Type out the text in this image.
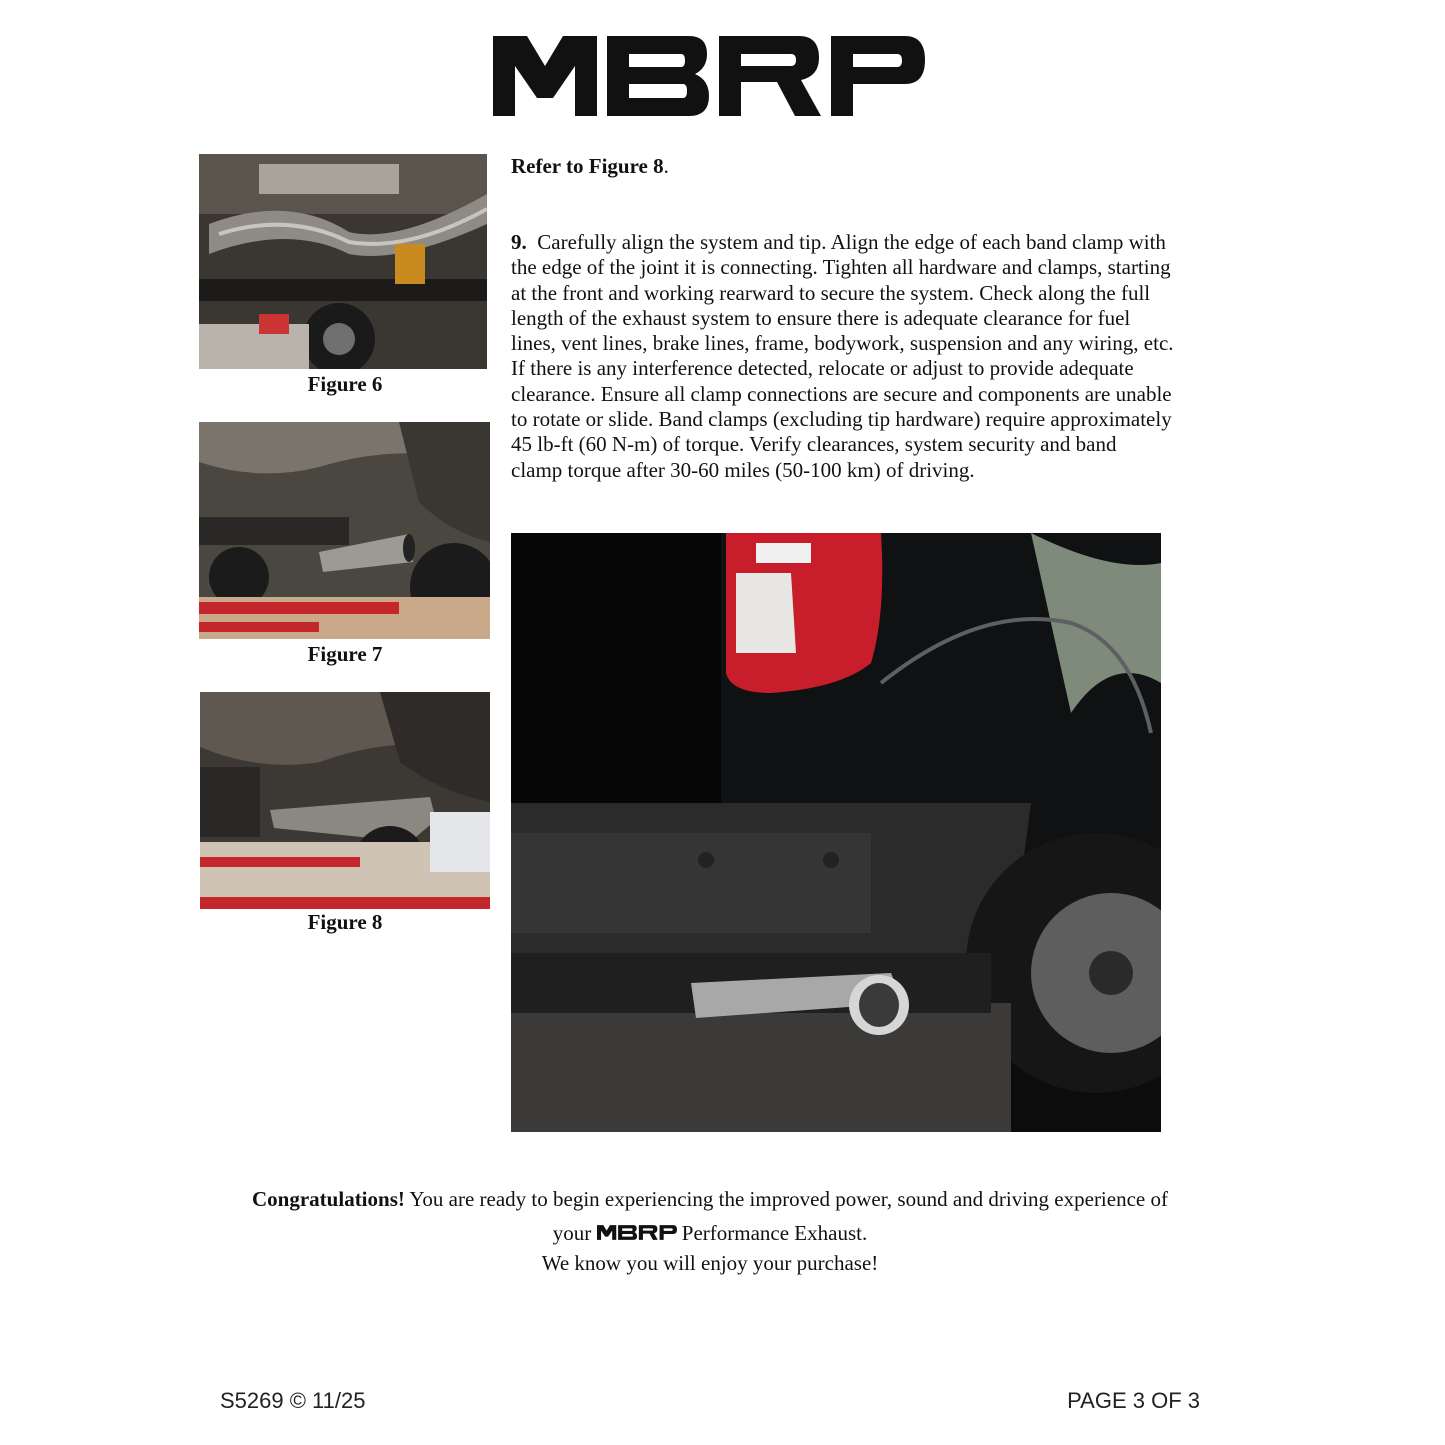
Figure 6
Figure 7
Figure 8
Refer to Figure 8.
9. Carefully align the system and tip. Align the edge of each band clamp with
the edge of the joint it is connecting. Tighten all hardware and clamps, starting
at the front and working rearward to secure the system. Check along the full
length of the exhaust system to ensure there is adequate clearance for fuel
lines, vent lines, brake lines, frame, bodywork, suspension and any wiring, etc.
If there is any interference detected, relocate or adjust to provide adequate
clearance. Ensure all clamp connections are secure and components are unable
to rotate or slide. Band clamps (excluding tip hardware) require approximately
45 lb-ft (60 N-m) of torque. Verify clearances, system security and band
clamp torque after 30-60 miles (50-100 km) of driving.
Congratulations! You are ready to begin experiencing the improved power, sound and driving experience of
your	Performance Exhaust.
We know you will enjoy your purchase!
S5269 © 11/25	PAGE 3 OF 3
